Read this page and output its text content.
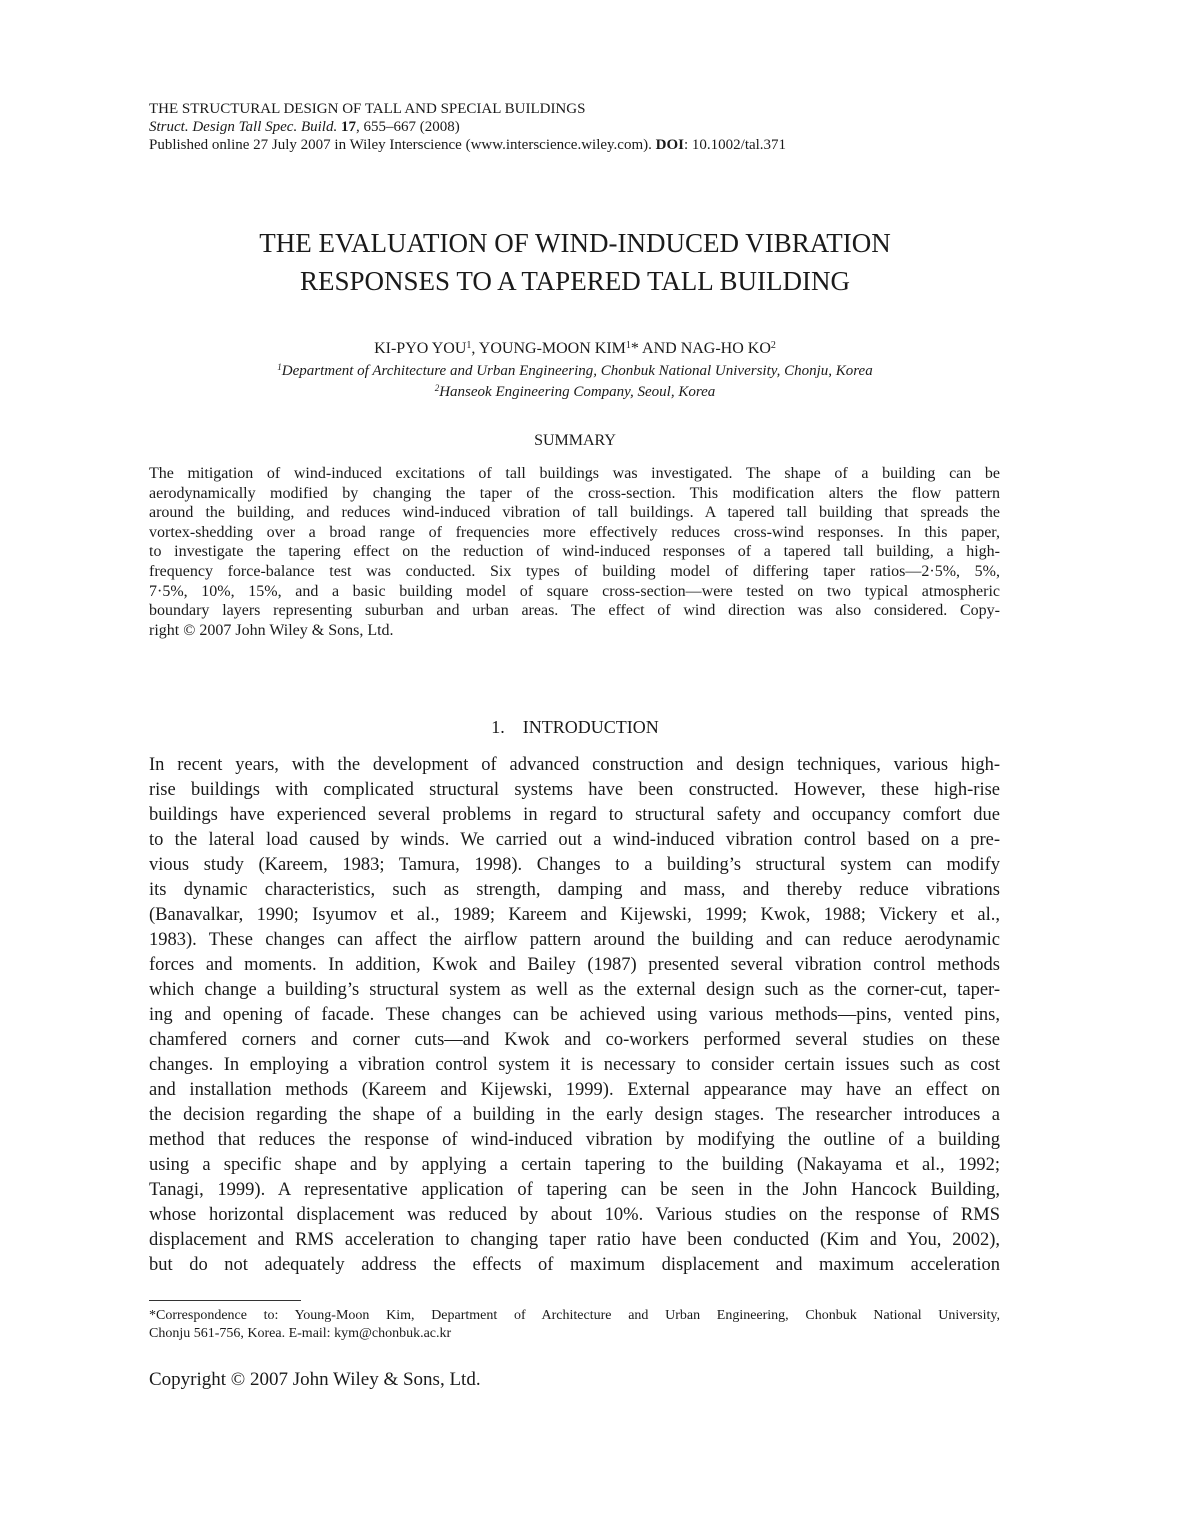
THE STRUCTURAL DESIGN OF TALL AND SPECIAL BUILDINGS
Struct. Design Tall Spec. Build. 17, 655–667 (2008)
Published online 27 July 2007 in Wiley Interscience (www.interscience.wiley.com). DOI: 10.1002/tal.371
THE EVALUATION OF WIND-INDUCED VIBRATION
RESPONSES TO A TAPERED TALL BUILDING
KI-PYO YOU$^1$, YOUNG-MOON KIM$^1$* AND NAG-HO $KO^2$
$^1$Department of Architecture and Urban Engineering, Chonbuk National University, Chonju, Korea
$^2$Hanseok Engineering Company, Seoul, Korea
SUMMARY
The mitigation of wind-induced excitations of tall buildings was investigated. The shape of a building can be
aerodynamically modified by changing the taper of the cross-section. This modification alters the flow pattern
around the building, and reduces wind-induced vibration of tall buildings. A tapered tall building that spreads the
vortex-shedding over a broad range of frequencies more effectively reduces cross-wind responses. In this paper,
to investigate the tapering effect on the reduction of wind-induced responses of a tapered tall building, a high-
frequency force-balance test was conducted. Six types of building model of differing taper ratios—2·5%, 5%,
7·5%, 10%, 15%, and a basic building model of square cross-section—were tested on two typical atmospheric
boundary layers representing suburban and urban areas. The effect of wind direction was also considered. Copy-
right © 2007 John Wiley & Sons, Ltd.
1. INTRODUCTION
In recent years, with the development of advanced construction and design techniques, various high-
rise buildings with complicated structural systems have been constructed. However, these high-rise
buildings have experienced several problems in regard to structural safety and occupancy comfort due
to the lateral load caused by winds. We carried out a wind-induced vibration control based on a pre-
vious study (Kareem, 1983; Tamura, 1998). Changes to a building’s structural system can modify
its dynamic characteristics, such as strength, damping and mass, and thereby reduce vibrations
(Banavalkar, 1990; Isyumov et al., 1989; Kareem and Kijewski, 1999; Kwok, 1988; Vickery et al.,
1983). These changes can affect the airflow pattern around the building and can reduce aerodynamic
forces and moments. In addition, Kwok and Bailey (1987) presented several vibration control methods
which change a building’s structural system as well as the external design such as the corner-cut, taper-
ing and opening of facade. These changes can be achieved using various methods—pins, vented pins,
chamfered corners and corner cuts—and Kwok and co-workers performed several studies on these
changes. In employing a vibration control system it is necessary to consider certain issues such as cost
and installation methods (Kareem and Kijewski, 1999). External appearance may have an effect on
the decision regarding the shape of a building in the early design stages. The researcher introduces a
method that reduces the response of wind-induced vibration by modifying the outline of a building
using a specific shape and by applying a certain tapering to the building (Nakayama et al., 1992;
Tanagi, 1999). A representative application of tapering can be seen in the John Hancock Building,
whose horizontal displacement was reduced by about 10%. Various studies on the response of RMS
displacement and RMS acceleration to changing taper ratio have been conducted (Kim and You, 2002),
but do not adequately address the effects of maximum displacement and maximum acceleration
*Correspondence to: Young-Moon Kim, Department of Architecture and Urban Engineering, Chonbuk National University,
Chonju 561-756, Korea. E-mail: kym@chonbuk.ac.kr
Copyright © 2007 John Wiley & Sons, Ltd.
